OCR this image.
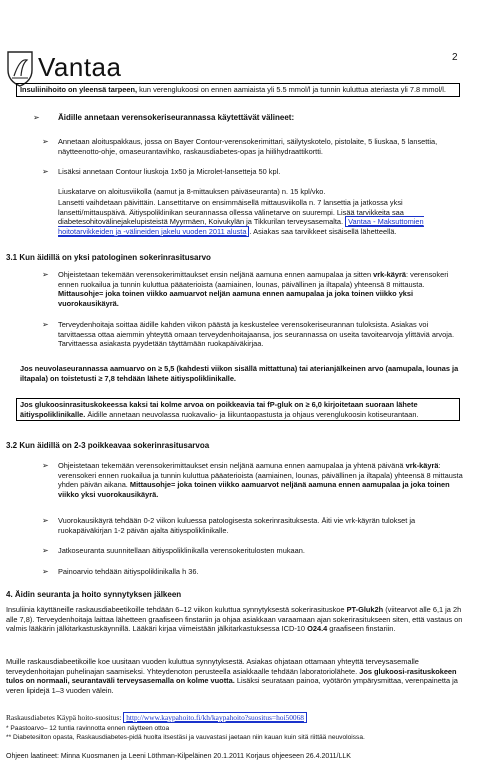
Vantaa	2
Insuliinihoito on yleensä tarpeen, kun verenglukoosi on ennen aamiaista yli 5.5 mmol/l ja tunnin kuluttua ateriasta yli 7.8 mmol/l.
➢ Äidille annetaan verensokeriseurannassa käytettävät välineet:
➢ Annetaan aloituspakkaus, jossa on Bayer Contour-verensokerimittari, säilytyskotelo, pistolaite, 5 liuskaa, 5 lansettia, näytteenotto-ohje, omaseurantavihko, raskausdiabetes-opas ja hiilihydraattikortti.
➢ Lisäksi annetaan Contour liuskoja 1x50 ja Microlet-lansetteja 50 kpl.
Liuskatarve on aloitusviikolla (aamut ja 8-mittauksen päiväseuranta) n. 15 kpl/vko.
Lansetti vaihdetaan päivittäin. Lansettitarve on ensimmäisellä mittausviikolla n. 7 lansettia ja jatkossa yksi lansetti/mittauspäivä. Äitiyspoliklinikan seurannassa ollessa välinetarve on suurempi. Lisää tarvikkeita saa diabetesohitovälinejakelupisteistä Myyrmäen, Koivukylän ja Tikkurilan terveysasemalta. Vantaa - Maksuttomien hoitotarvikkeiden ja -välineiden jakelu vuoden 2011 alusta . Asiakas saa tarvikkeet sisäisellä lähetteellä.
3.1 Kun äidillä on yksi patologinen sokerinrasitusarvo
➢ Ohjeistetaan tekemään verensokerimittaukset ensin neljänä aamuna ennen aamupalaa ja sitten vrk-käyrä: verensokeri ennen ruokailua ja tunnin kuluttua pääaterioista (aamiainen, lounas, päivällinen ja iltapala) yhteensä 8 mittausta. Mittausohje= joka toinen viikko aamuarvot neljän aamuna ennen aamupalaa ja joka toinen viikko yksi vuorokausikäyrä.
➢ Terveydenhoitaja soittaa äidille kahden viikon päästä ja keskustelee verensokeriseurannan tuloksista. Asiakas voi tarvittaessa ottaa aiemmin yhteyttä omaan terveydenhoitajaansa, jos seurannassa on useita tavoitearvoja ylittäviä arvoja. Tarvittaessa asiakasta pyydetään täyttämään ruokapäiväkirjaa.
Jos neuvolaseurannassa aamuarvo on ≥ 5,5 (kahdesti viikon sisällä mittattuna) tai aterianjälkeinen arvo (aamupala, lounas ja iltapala) on toistetusti ≥ 7,8 tehdään lähete äitiyspoliklinikalle.
Jos glukoosinrasituskokeessa kaksi tai kolme arvoa on poikkeavia tai fP-gluk on ≥ 6,0 kirjoitetaan suoraan lähete äitiyspoliklinikalle. Äidille annetaan neuvolassa ruokavalio- ja liikuntaopastusta ja ohjaus verenglukoosin kotiseurantaan.
3.2 Kun äidillä on 2-3 poikkeavaa sokerinrasitusarvoa
➢ Ohjeistetaan tekemään verensokerimittaukset ensin neljänä aamuna ennen aamupalaa ja yhtenä päivänä vrk-käyrä: verensokeri ennen ruokailua ja tunnin kuluttua pääaterioista (aamiainen, lounas, päivällinen ja iltapala) yhteensä 8 mittausta yhden päivän aikana. Mittausohje= joka toinen viikko aamuarvot neljänä aamuna ennen aamupalaa ja joka toinen viikko yksi vuorokausikäyrä.
➢ Vuorokausikäyrä tehdään 0-2 viikon kuluessa patologisesta sokerinrasituksesta. Äiti vie vrk-käyrän tulokset ja ruokapäiväkirjan 1-2 päivän ajalta äitiyspoliklinikalle.
➢ Jatkoseuranta suunnitellaan äitiyspoliklinikalla verensokeritulosten mukaan.
➢ Painoarvio tehdään äitiyspoliklinikalla h 36.
4. Äidin seuranta ja hoito synnytyksen jälkeen
Insuliinia käyttäneille raskausdiabeetikoille tehdään 6–12 viikon kuluttua synnytyksestä sokerirasituskoe PT-Gluk2h (viitearvot alle 6,1 ja 2h alle 7,8). Terveydenhoitaja laittaa lähetteen graafiseen finstariin ja ohjaa asiakkaan varaamaan ajan sokerirasitukseen siten, että vastaus on valmis lääkärin jälkitarkastuskäynnillä. Lääkäri kirjaa viimeistään jälkitarkastuksessa ICD-10 O24.4 graafiseen finstariin.
Muille raskausdiabeetikoille koe uusitaan vuoden kuluttua synnytyksestä. Asiakas ohjataan ottamaan yhteyttä terveysasemalle terveydenhoitajan puhelinajan saamiseksi. Yhteydenoton perusteella asiakkaalle tehdään laboratoriolähete. Jos glukoosi-rasituskokeen tulos on normaali, seurantaväli terveysasemalla on kolme vuotta. Lisäksi seurataan painoa, vyötärön ympärysmittaa, verenpainetta ja veren lipidejä 1–3 vuoden välein.
Raskausdiabetes Käypä hoito-suositus: http://www.kaypahoito.fi/kh/kaypahoito?suositus=hoi50068
* Paastoarvo– 12 tuntia ravinnotta ennen näytteen ottoa
** Diabetesilton opasta, Raskausdiabetes-pidä huolta itsestäsi ja vauvastasi jaetaan niin kauan kuin sitä riittää neuvoloissa.
Ohjeen laatineet: Minna Kuosmanen ja Leeni Löthman-Kilpeläinen 20.1.2011 Korjaus ohjeeseen 26.4.2011/LLK
